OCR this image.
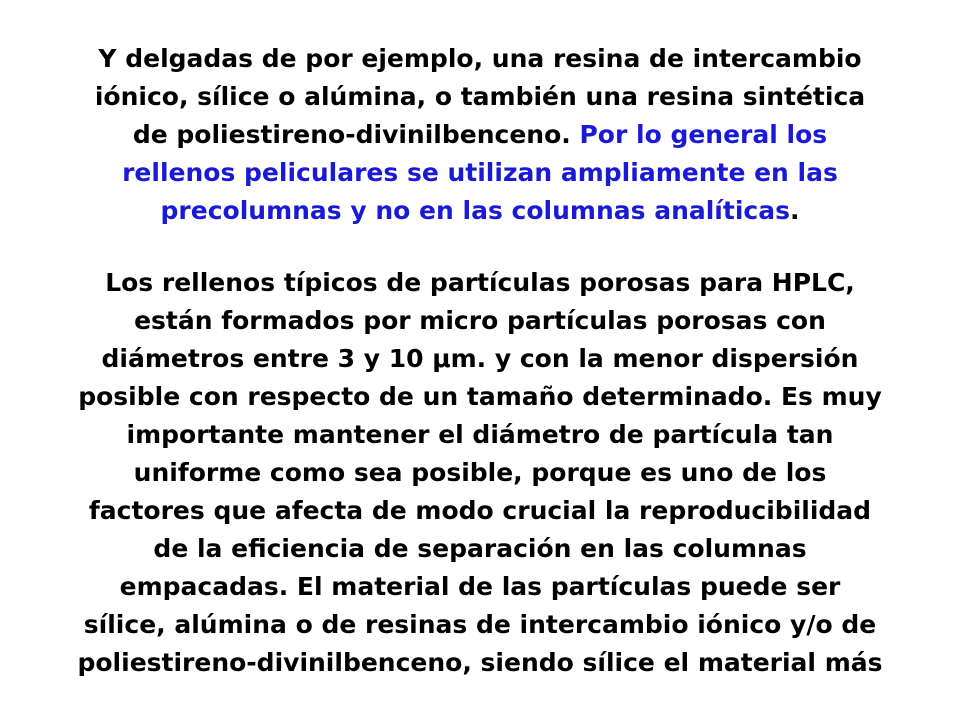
Y delgadas de por ejemplo, una resina de intercambio
iónico, sílice o alúmina, o también una resina sintética
de poliestireno-divinilbenceno. Por lo general los
rellenos peliculares se utilizan ampliamente en las
precolumnas y no en las columnas analíticas.
Los rellenos típicos de partículas porosas para HPLC,
están formados por micro partículas porosas con
diámetros entre 3 y 10 μm. y con la menor dispersión
posible con respecto de un tamaño determinado. Es muy
importante mantener el diámetro de partícula tan
uniforme como sea posible, porque es uno de los
factores que afecta de modo crucial la reproducibilidad
de la eficiencia de separación en las columnas
empacadas. El material de las partículas puede ser
sílice, alúmina o de resinas de intercambio iónico y/o de
poliestireno-divinilbenceno, siendo sílice el material más
